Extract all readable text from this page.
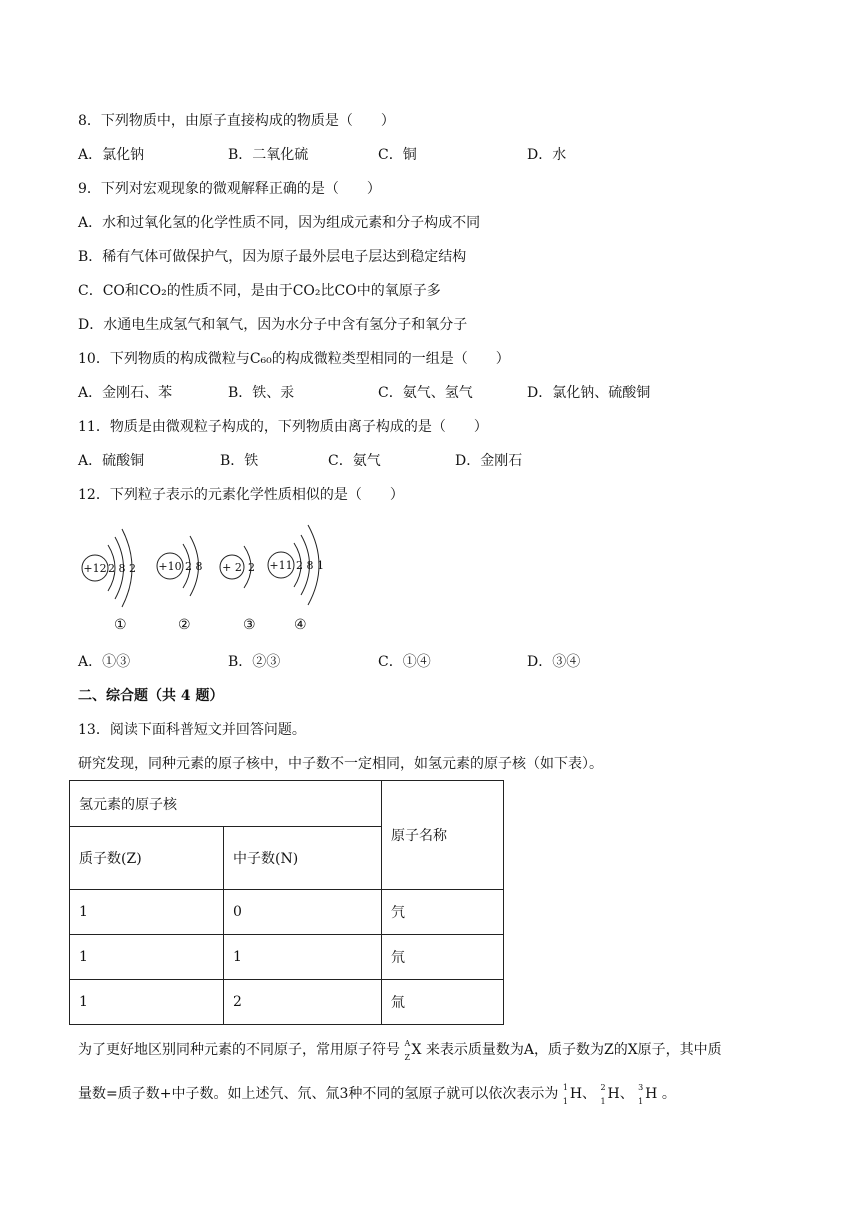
8．下列物质中，由原子直接构成的物质是（　　）
A．氯化钠	B．二氧化硫	C．铜	D．水
9．下列对宏观现象的微观解释正确的是（　　）
A．水和过氧化氢的化学性质不同，因为组成元素和分子构成不同
B．稀有气体可做保护气，因为原子最外层电子层达到稳定结构
C．CO和CO₂的性质不同，是由于CO₂比CO中的氧原子多
D．水通电生成氢气和氧气，因为水分子中含有氢分子和氧分子
10．下列物质的构成微粒与C₆₀的构成微粒类型相同的一组是（　　）
A．金刚石、苯	B．铁、汞	C．氨气、氢气	D．氯化钠、硫酸铜
11．物质是由微观粒子构成的，下列物质由离子构成的是（　　）
A．硫酸铜	B．铁	C．氨气	D．金刚石
12．下列粒子表示的元素化学性质相似的是（　　）
+12 2 8 2 +10 2 8 + 2 2 +11 2 8 1
①	②	③	④
A．①③	B．②③	C．①④	D．③④
二、综合题（共 4 题）
13．阅读下面科普短文并回答问题。
研究发现，同种元素的原子核中，中子数不一定相同，如氢元素的原子核（如下表）。
氢元素的原子核		原子名称
质子数(Z)	中子数(N)	
1	0	氕
1	1	氘
1	2	氚
为了更好地区别同种元素的不同原子，常用原子符号 A
Z X 来表示质量数为A，质子数为Z的X原子，其中质
量数=质子数+中子数。如上述氕、氘、氚3种不同的氢原子就可以依次表示为 1
1 H、 2
1 H、 3
1 H 。
